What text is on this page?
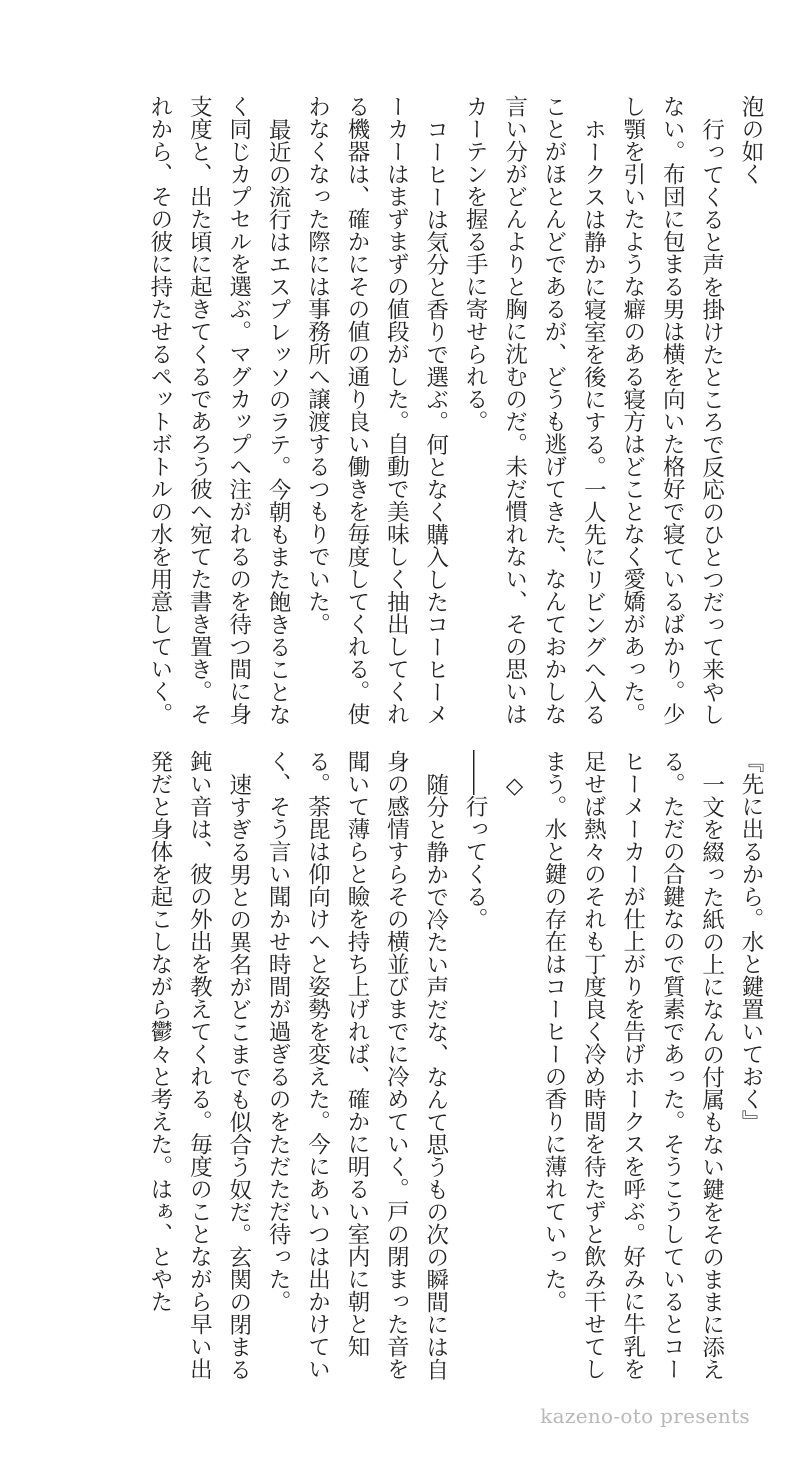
泡の如く

行ってくると声を掛けたところで反応のひとつだって来やしない。布団に包まる男は横を向いた格好で寝ているばかり。少し顎を引いたような癖のある寝方はどことなく愛嬌があった。

ホークスは静かに寝室を後にする。一人先にリビングへ入ることがほとんどであるが、どうも逃げてきた、なんておかしな言い分がどんよりと胸に沈むのだ。未だ慣れない、その思いはカーテンを握る手に寄せられる。

コーヒーは気分と香りで選ぶ。何となく購入したコーヒーメーカーはまずまずの値段がした。自動で美味しく抽出してくれる機器は、確かにその値の通り良い働きを毎度してくれる。使わなくなった際には事務所へ譲渡するつもりでいた。

最近の流行はエスプレッソのラテ。今朝もまた飽きることなく同じカプセルを選ぶ。マグカップへ注がれるのを待つ間に身支度と、出た頃に起きてくるであろう彼へ宛てた書き置き。それから、その彼に持たせるペットボトルの水を用意していく。

『先に出るから。水と鍵置いておく』

一文を綴った紙の上になんの付属もない鍵をそのままに添える。ただの合鍵なので質素であった。そうこうしているとコーヒーメーカーが仕上がりを告げホークスを呼ぶ。好みに牛乳を足せば熱々のそれも丁度良く冷め時間を待たずと飲み干せてしまう。水と鍵の存在はコーヒーの香りに薄れていった。

◇

――行ってくる。

随分と静かで冷たい声だな、なんて思うもの次の瞬間には自身の感情すらその横並びまでに冷めていく。戸の閉まった音を聞いて薄らと瞼を持ち上げれば、確かに明るい室内に朝と知る。荼毘は仰向けへと姿勢を変えた。今にあいつは出かけていく、そう言い聞かせ時間が過ぎるのをただただ待った。

速すぎる男との異名がどこまでも似合う奴だ。玄関の閉まる鈍い音は、彼の外出を教えてくれる。毎度のことながら早い出発だと身体を起こしながら鬱々と考えた。はぁ、とやた

kazeno-oto presents
